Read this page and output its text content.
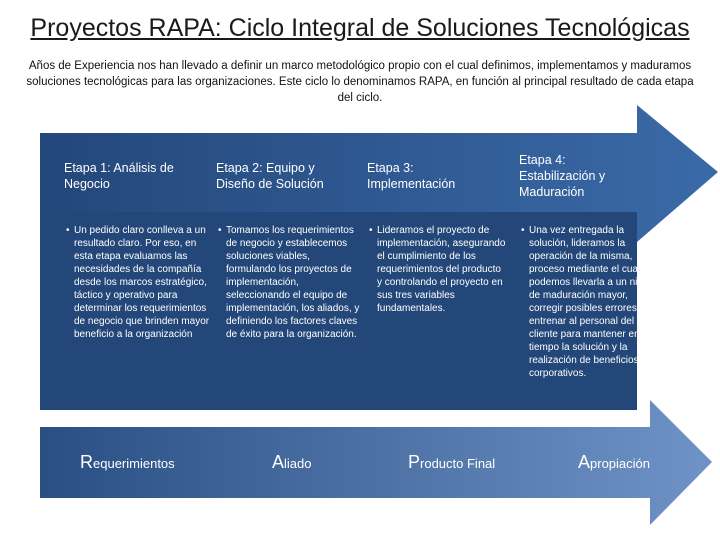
Proyectos RAPA: Ciclo Integral de Soluciones Tecnológicas
Años de Experiencia nos han llevado a definir un marco metodológico propio con el cual definimos, implementamos y maduramos soluciones tecnológicas para las organizaciones. Este ciclo lo denominamos RAPA, en función al principal resultado de cada etapa del ciclo.
Etapa 1: Análisis de Negocio
• Un pedido claro conlleva a un resultado claro. Por eso, en esta etapa evaluamos las necesidades de la compañía desde los marcos estratégico, táctico y operativo para determinar los requerimientos de negocio que brinden mayor beneficio a la organización
Etapa 2: Equipo y Diseño de Solución
• Tomamos los requerimientos de negocio y establecemos soluciones viables, formulando los proyectos de implementación, seleccionando el equipo de implementación, los aliados, y definiendo los factores claves de éxito para la organización.
Etapa 3: Implementación
• Lideramos el proyecto de implementación, asegurando el cumplimiento de los requerimientos del producto y controlando el proyecto en sus tres variables fundamentales.
Etapa 4: Estabilización y Maduración
• Una vez entregada la solución, lideramos la operación de la misma, proceso mediante el cual podemos llevarla a un nivel de maduración mayor, corregir posibles errores y entrenar al personal del cliente para mantener en el tiempo la solución y la realización de beneficios corporativos.
Requerimientos	Aliado	Producto Final	Apropiación
